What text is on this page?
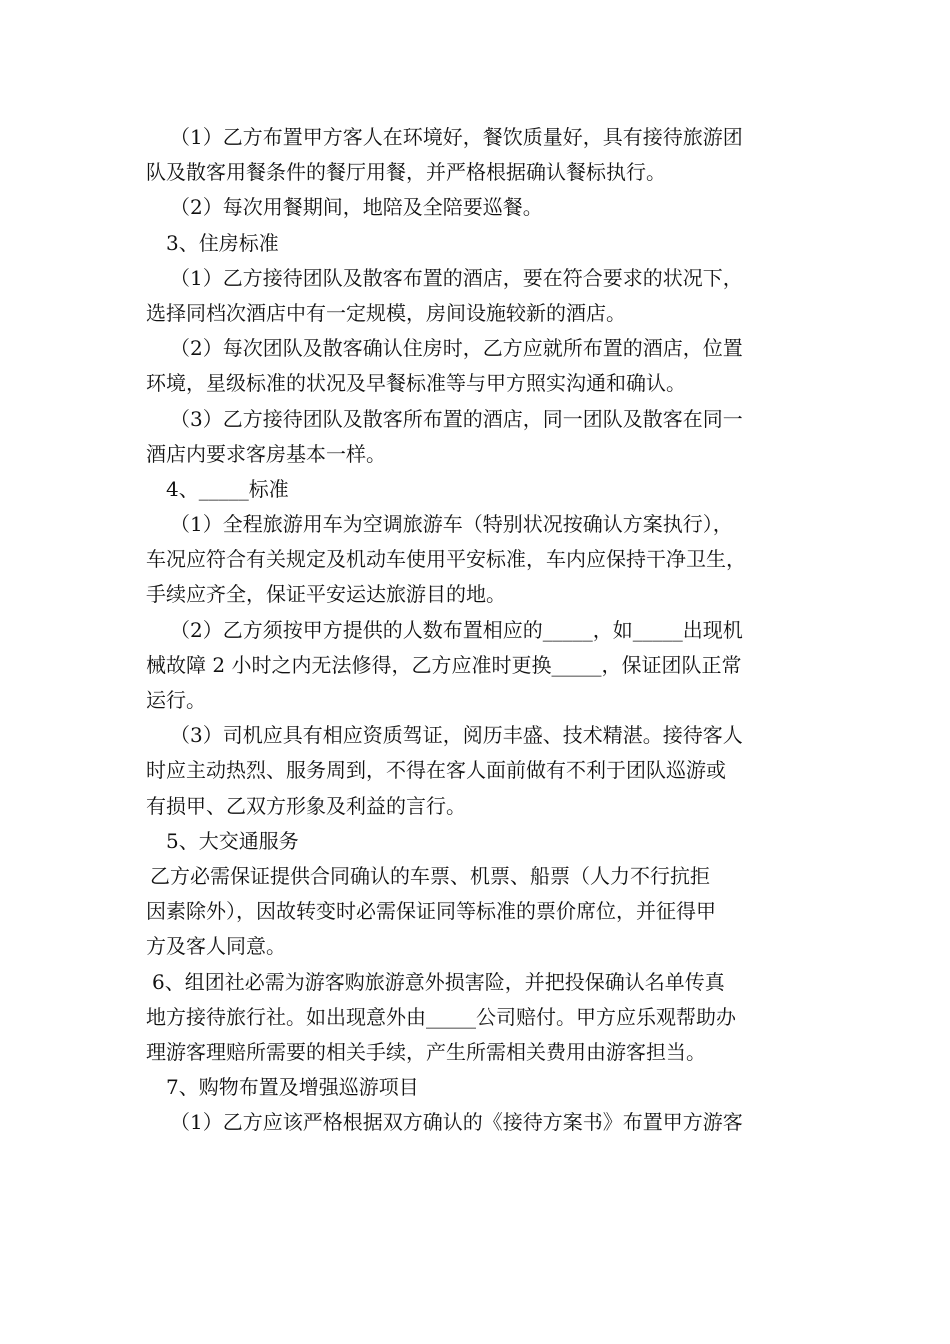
（1）乙方布置甲方客人在环境好，餐饮质量好，具有接待旅游团
队及散客用餐条件的餐厅用餐，并严格根据确认餐标执行。
（2）每次用餐期间，地陪及全陪要巡餐。
3、住房标准
（1）乙方接待团队及散客布置的酒店，要在符合要求的状况下，
选择同档次酒店中有一定规模，房间设施较新的酒店。
（2）每次团队及散客确认住房时，乙方应就所布置的酒店，位置
环境，星级标准的状况及早餐标准等与甲方照实沟通和确认。
（3）乙方接待团队及散客所布置的酒店，同一团队及散客在同一
酒店内要求客房基本一样。
4、_____标准
（1）全程旅游用车为空调旅游车（特别状况按确认方案执行），
车况应符合有关规定及机动车使用平安标准，车内应保持干净卫生，
手续应齐全，保证平安运达旅游目的地。
（2）乙方须按甲方提供的人数布置相应的_____，如_____出现机
械故障 2 小时之内无法修得，乙方应准时更换_____，保证团队正常
运行。
（3）司机应具有相应资质驾证，阅历丰盛、技术精湛。接待客人
时应主动热烈、服务周到，不得在客人面前做有不利于团队巡游或
有损甲、乙双方形象及利益的言行。
5、大交通服务
乙方必需保证提供合同确认的车票、机票、船票（人力不行抗拒
因素除外），因故转变时必需保证同等标准的票价席位，并征得甲
方及客人同意。
6、组团社必需为游客购旅游意外损害险，并把投保确认名单传真
地方接待旅行社。如出现意外由_____公司赔付。甲方应乐观帮助办
理游客理赔所需要的相关手续，产生所需相关费用由游客担当。
7、购物布置及增强巡游项目
（1）乙方应该严格根据双方确认的《接待方案书》布置甲方游客
